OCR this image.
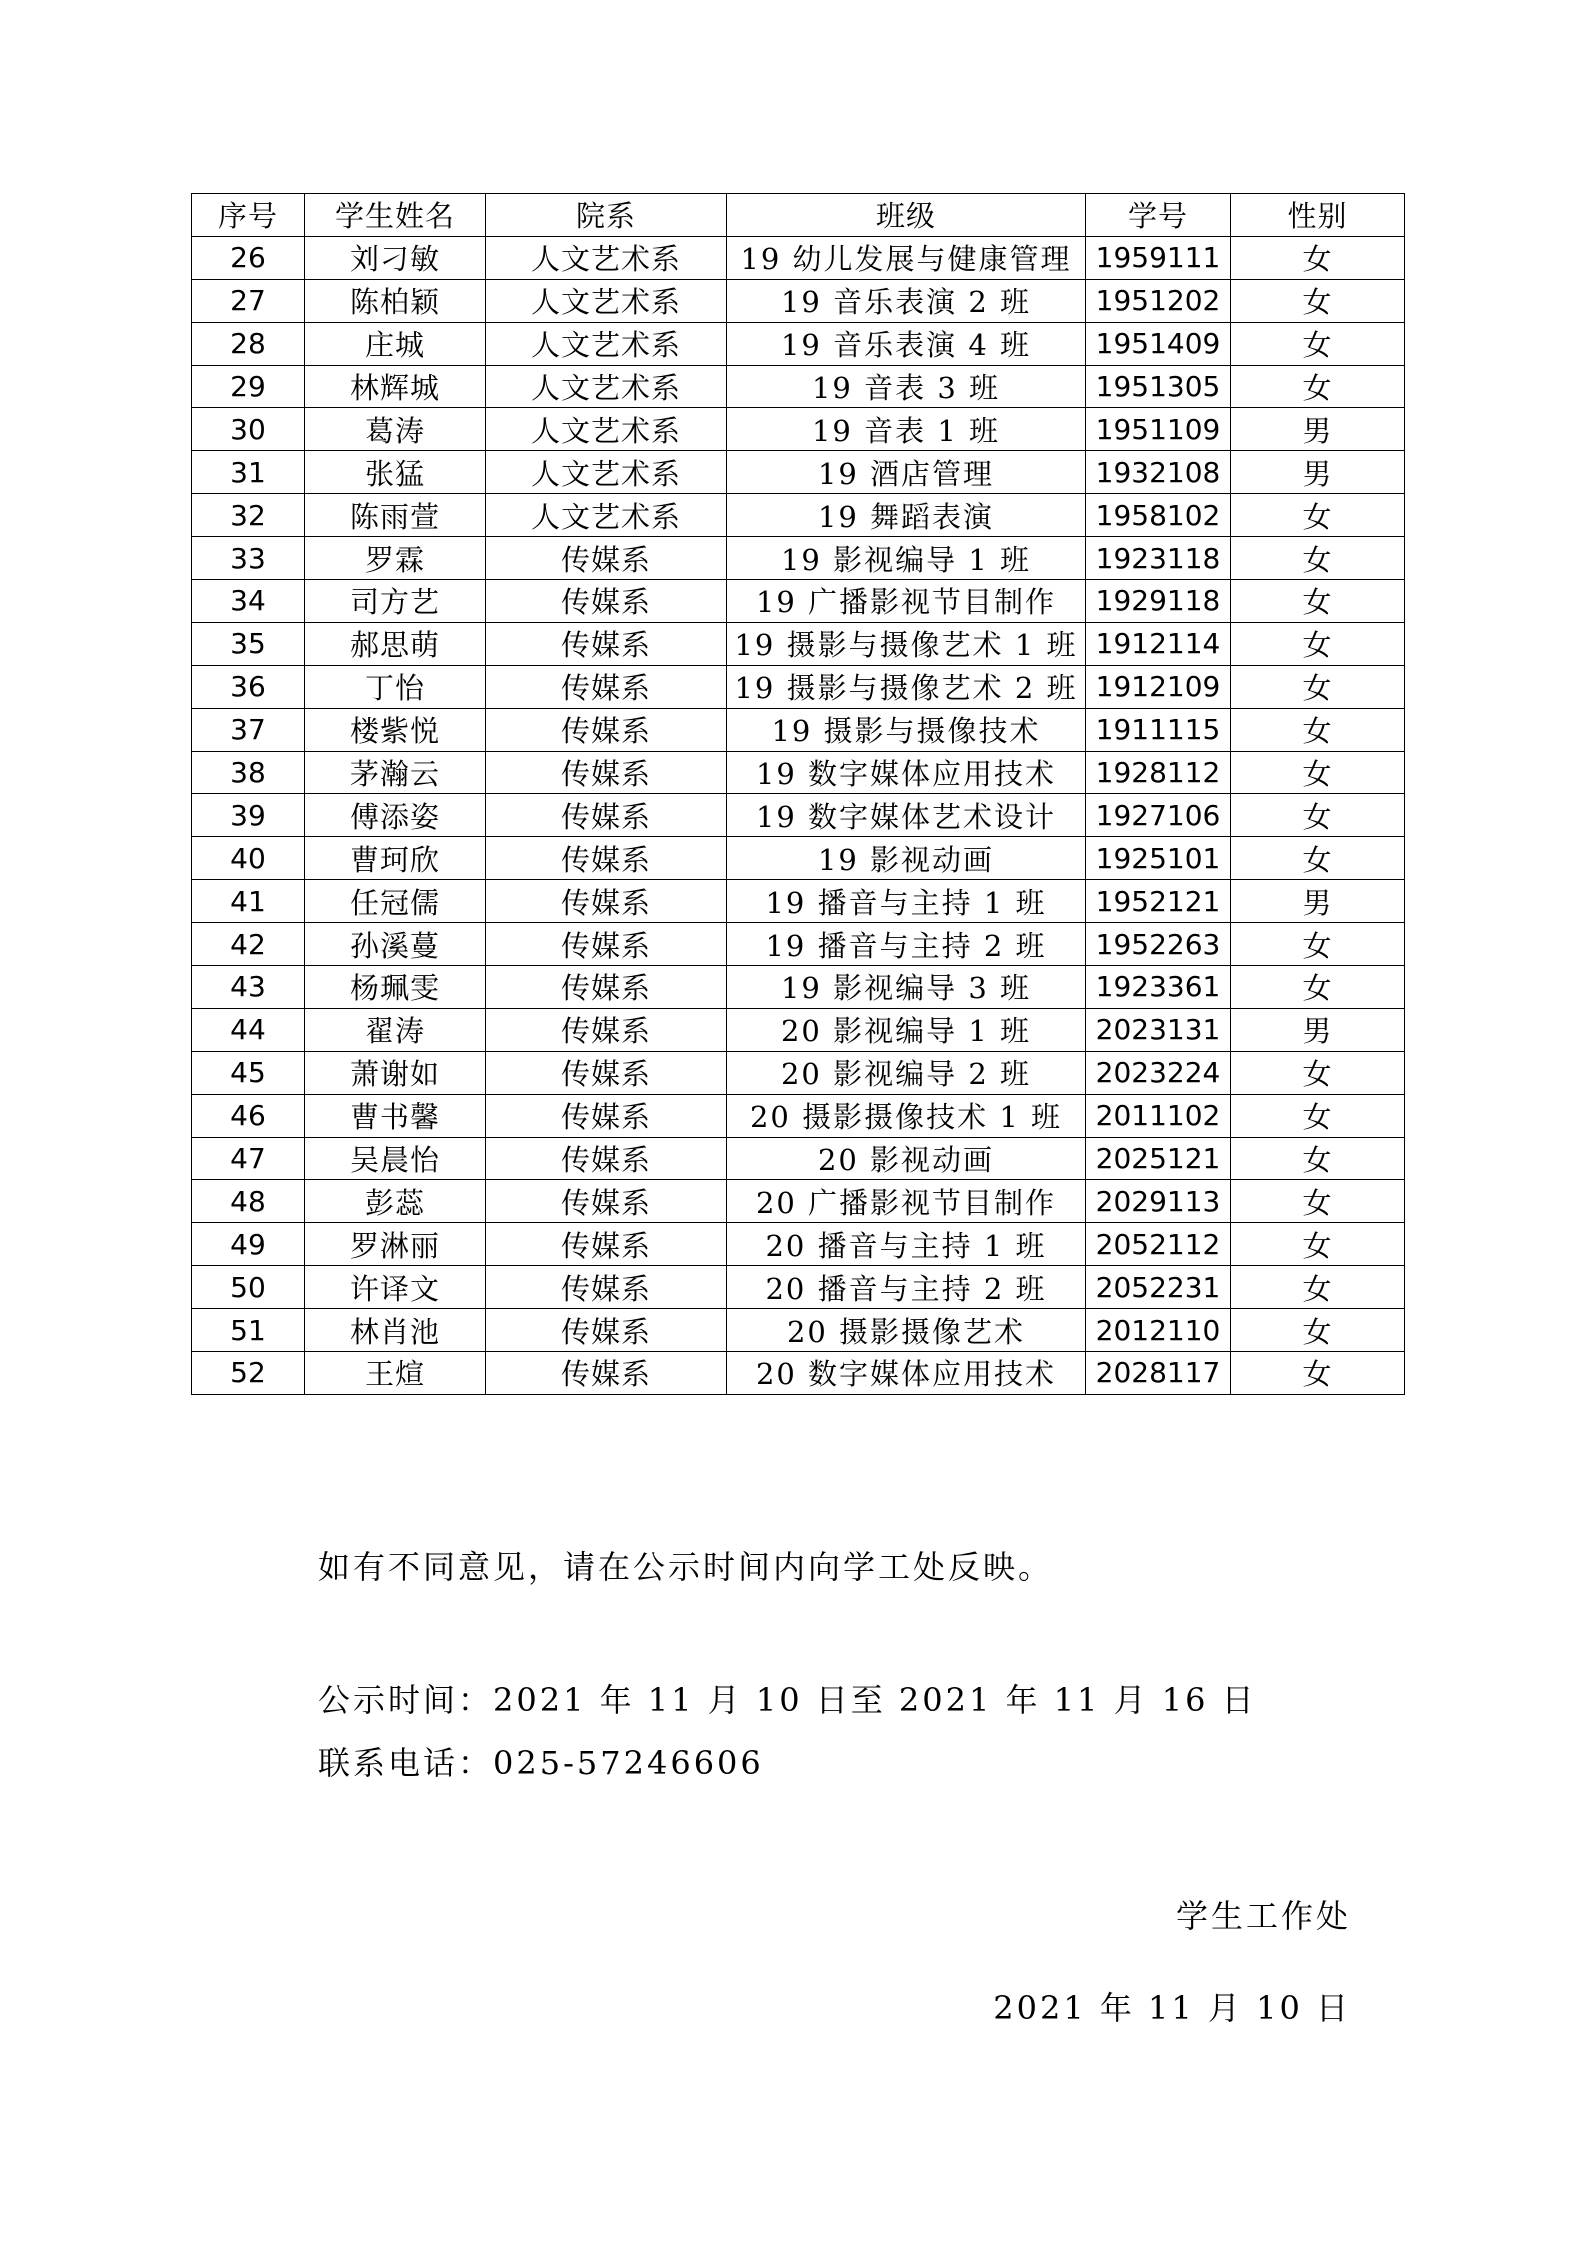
序号	学生姓名	院系	班级	学号	性别
26	刘刁敏	人文艺术系	19 幼儿发展与健康管理	1959111	女
27	陈柏颖	人文艺术系	19 音乐表演 2 班	1951202	女
28	庄城	人文艺术系	19 音乐表演 4 班	1951409	女
29	林辉城	人文艺术系	19 音表 3 班	1951305	女
30	葛涛	人文艺术系	19 音表 1 班	1951109	男
31	张猛	人文艺术系	19 酒店管理	1932108	男
32	陈雨萱	人文艺术系	19 舞蹈表演	1958102	女
33	罗霖	传媒系	19 影视编导 1 班	1923118	女
34	司方艺	传媒系	19 广播影视节目制作	1929118	女
35	郝思萌	传媒系	19 摄影与摄像艺术 1 班	1912114	女
36	丁怡	传媒系	19 摄影与摄像艺术 2 班	1912109	女
37	楼紫悦	传媒系	19 摄影与摄像技术	1911115	女
38	茅瀚云	传媒系	19 数字媒体应用技术	1928112	女
39	傅添姿	传媒系	19 数字媒体艺术设计	1927106	女
40	曹珂欣	传媒系	19 影视动画	1925101	女
41	任冠儒	传媒系	19 播音与主持 1 班	1952121	男
42	孙溪蔓	传媒系	19 播音与主持 2 班	1952263	女
43	杨珮雯	传媒系	19 影视编导 3 班	1923361	女
44	翟涛	传媒系	20 影视编导 1 班	2023131	男
45	萧谢如	传媒系	20 影视编导 2 班	2023224	女
46	曹书馨	传媒系	20 摄影摄像技术 1 班	2011102	女
47	吴晨怡	传媒系	20 影视动画	2025121	女
48	彭蕊	传媒系	20 广播影视节目制作	2029113	女
49	罗淋丽	传媒系	20 播音与主持 1 班	2052112	女
50	许译文	传媒系	20 播音与主持 2 班	2052231	女
51	林肖池	传媒系	20 摄影摄像艺术	2012110	女
52	王煊	传媒系	20 数字媒体应用技术	2028117	女
如有不同意见，请在公示时间内向学工处反映。
公示时间：2021 年 11 月 10 日至 2021 年 11 月 16 日
联系电话：025-57246606
学生工作处
2021 年 11 月 10 日
